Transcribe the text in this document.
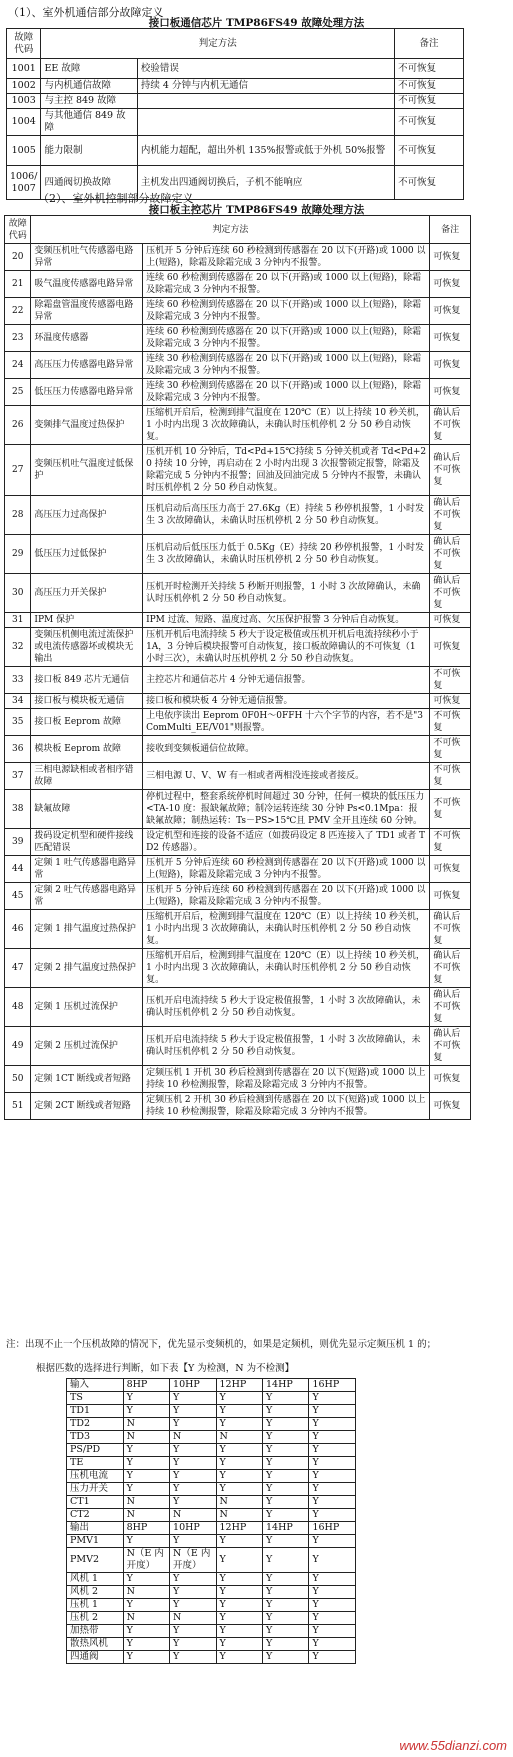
（1）、室外机通信部分故障定义
接口板通信芯片 TMP86FS49 故障处理方法
故障代码	判定方法		备注
1001	EE 故障	校验错误	不可恢复
1002	与内机通信故障	持续 4 分钟与内机无通信	不可恢复
1003	与主控 849 故障		不可恢复
1004	与其他通信 849 故障		不可恢复
1005	能力限制	内机能力超配，超出外机 135%报警或低于外机 50%报警	不可恢复
1006/1007	四通阀切换故障	主机发出四通阀切换后，子机不能响应	不可恢复
（2）、室外机控制部分故障定义
接口板主控芯片 TMP86FS49 故障处理方法
故障代码	判定方法		备注
20	变频压机吐气传感器电路异常	压机开 5 分钟后连续 60 秒检测到传感器在 20 以下(开路)或 1000 以上(短路)，除霜及除霜完成 3 分钟内不报警。	可恢复
21	吸气温度传感器电路异常	连续 60 秒检测到传感器在 20 以下(开路)或 1000 以上(短路)，除霜及除霜完成 3 分钟内不报警。	可恢复
22	除霜盘管温度传感器电路异常	连续 60 秒检测到传感器在 20 以下(开路)或 1000 以上(短路)，除霜及除霜完成 3 分钟内不报警。	可恢复
23	环温度传感器	连续 60 秒检测到传感器在 20 以下(开路)或 1000 以上(短路)，除霜及除霜完成 3 分钟内不报警。	可恢复
24	高压压力传感器电路异常	连续 30 秒检测到传感器在 20 以下(开路)或 1000 以上(短路)，除霜及除霜完成 3 分钟内不报警。	可恢复
25	低压压力传感器电路异常	连续 30 秒检测到传感器在 20 以下(开路)或 1000 以上(短路)，除霜及除霜完成 3 分钟内不报警。	可恢复
26	变频排气温度过热保护	压缩机开启后，检测到排气温度在 120℃（E）以上持续 10 秒关机，1 小时内出现 3 次故障确认，未确认时压机停机 2 分 50 秒自动恢复。	确认后不可恢复
27	变频压机吐气温度过低保护	压机开机 10 分钟后，Td<Pd+15℃持续 5 分钟关机或者 Td<Pd+20 持续 10 分钟，再启动在 2 小时内出现 3 次报警锁定报警，除霜及除霜完成 5 分钟内不报警；回油及回油完成 5 分钟内不报警，未确认时压机停机 2 分 50 秒自动恢复。	确认后不可恢复
28	高压压力过高保护	压机启动后高压压力高于 27.6Kg（E）持续 5 秒停机报警，1 小时发生 3 次故障确认，未确认时压机停机 2 分 50 秒自动恢复。	确认后不可恢复
29	低压压力过低保护	压机启动后低压压力低于 0.5Kg（E）持续 20 秒停机报警，1 小时发生 3 次故障确认，未确认时压机停机 2 分 50 秒自动恢复。	确认后不可恢复
30	高压压力开关保护	压机开时检测开关持续 5 秒断开则报警，1 小时 3 次故障确认，未确认时压机停机 2 分 50 秒自动恢复。	确认后不可恢复
31	IPM 保护	IPM 过流、短路、温度过高、欠压保护报警 3 分钟后自动恢复。	可恢复
32	变频压机侧电流过流保护或电流传感器坏或模块无输出	压机开机后电流持续 5 秒大于设定极值或压机开机后电流持续秒小于 1A，3 分钟后模块报警可自动恢复，接口板故障确认的不可恢复（1 小时三次），未确认时压机停机 2 分 50 秒自动恢复。	可恢复
33	接口板 849 芯片无通信	主控芯片和通信芯片 4 分钟无通信报警。	不可恢复
34	接口板与模块板无通信	接口板和模块板 4 分钟无通信报警。	可恢复
35	接口板 Eeprom 故障	上电依序读出 Eeprom 0F0H～0FFH 十六个字节的内容，若不是"3ComMulti_EE/V01"则报警。	不可恢复
36	模块板 Eeprom 故障	接收到变频板通信位故障。	不可恢复
37	三相电源缺相或者相序错故障	三相电源 U、V、W 有一相或者两相没连接或者接反。	不可恢复
38	缺氟故障	停机过程中，整套系统停机时间超过 30 分钟，任何一模块的低压压力<TA-10 度：报缺氟故障；制冷运转连续 30 分钟 Ps<0.1Mpa：报缺氟故障；制热运转：Ts－PS>15℃且 PMV 全开且连续 60 分钟。	不可恢复
39	拨码设定机型和硬件接线匹配错误	设定机型和连接的设备不适应（如拨码设定 8 匹连接入了 TD1 或者 TD2 传感器）。	不可恢复
44	定频 1 吐气传感器电路异常	压机开 5 分钟后连续 60 秒检测到传感器在 20 以下(开路)或 1000 以上(短路)，除霜及除霜完成 3 分钟内不报警。	可恢复
45	定频 2 吐气传感器电路异常	压机开 5 分钟后连续 60 秒检测到传感器在 20 以下(开路)或 1000 以上(短路)，除霜及除霜完成 3 分钟内不报警。	可恢复
46	定频 1 排气温度过热保护	压缩机开启后，检测到排气温度在 120℃（E）以上持续 10 秒关机，1 小时内出现 3 次故障确认，未确认时压机停机 2 分 50 秒自动恢复。	确认后不可恢复
47	定频 2 排气温度过热保护	压缩机开启后，检测到排气温度在 120℃（E）以上持续 10 秒关机，1 小时内出现 3 次故障确认，未确认时压机停机 2 分 50 秒自动恢复。	确认后不可恢复
48	定频 1 压机过流保护	压机开启电流持续 5 秒大于设定极值报警，1 小时 3 次故障确认，未确认时压机停机 2 分 50 秒自动恢复。	确认后不可恢复
49	定频 2 压机过流保护	压机开启电流持续 5 秒大于设定极值报警，1 小时 3 次故障确认，未确认时压机停机 2 分 50 秒自动恢复。	确认后不可恢复
50	定频 1CT 断线或者短路	定频压机 1 开机 30 秒后检测到传感器在 20 以下(短路)或 1000 以上持续 10 秒检测报警，除霜及除霜完成 3 分钟内不报警。	可恢复
51	定频 2CT 断线或者短路	定频压机 2 开机 30 秒后检测到传感器在 20 以下(短路)或 1000 以上持续 10 秒检测报警，除霜及除霜完成 3 分钟内不报警。	可恢复
注：出现不止一个压机故障的情况下，优先显示变频机的，如果是定频机，则优先显示定频压机 1 的；
根据匹数的选择进行判断，如下表【Y 为检测，N 为不检测】
输入	8HP	10HP	12HP	14HP	16HP
TS	Y	Y	Y	Y	Y
TD1	Y	Y	Y	Y	Y
TD2	N	Y	Y	Y	Y
TD3	N	N	N	Y	Y
PS/PD	Y	Y	Y	Y	Y
TE	Y	Y	Y	Y	Y
压机电流	Y	Y	Y	Y	Y
压力开关	Y	Y	Y	Y	Y
CT1	N	Y	N	Y	Y
CT2	N	N	N	Y	Y
输出	8HP	10HP	12HP	14HP	16HP
PMV1	Y	Y	Y	Y	Y
PMV2	N（E 内开度）	N（E 内开度）	Y	Y	Y
风机 1	Y	Y	Y	Y	Y
风机 2	N	Y	Y	Y	Y
压机 1	Y	Y	Y	Y	Y
压机 2	N	N	Y	Y	Y
加热带	Y	Y	Y	Y	Y
散热风机	Y	Y	Y	Y	Y
四通阀	Y	Y	Y	Y	Y
www.55dianzi.com
